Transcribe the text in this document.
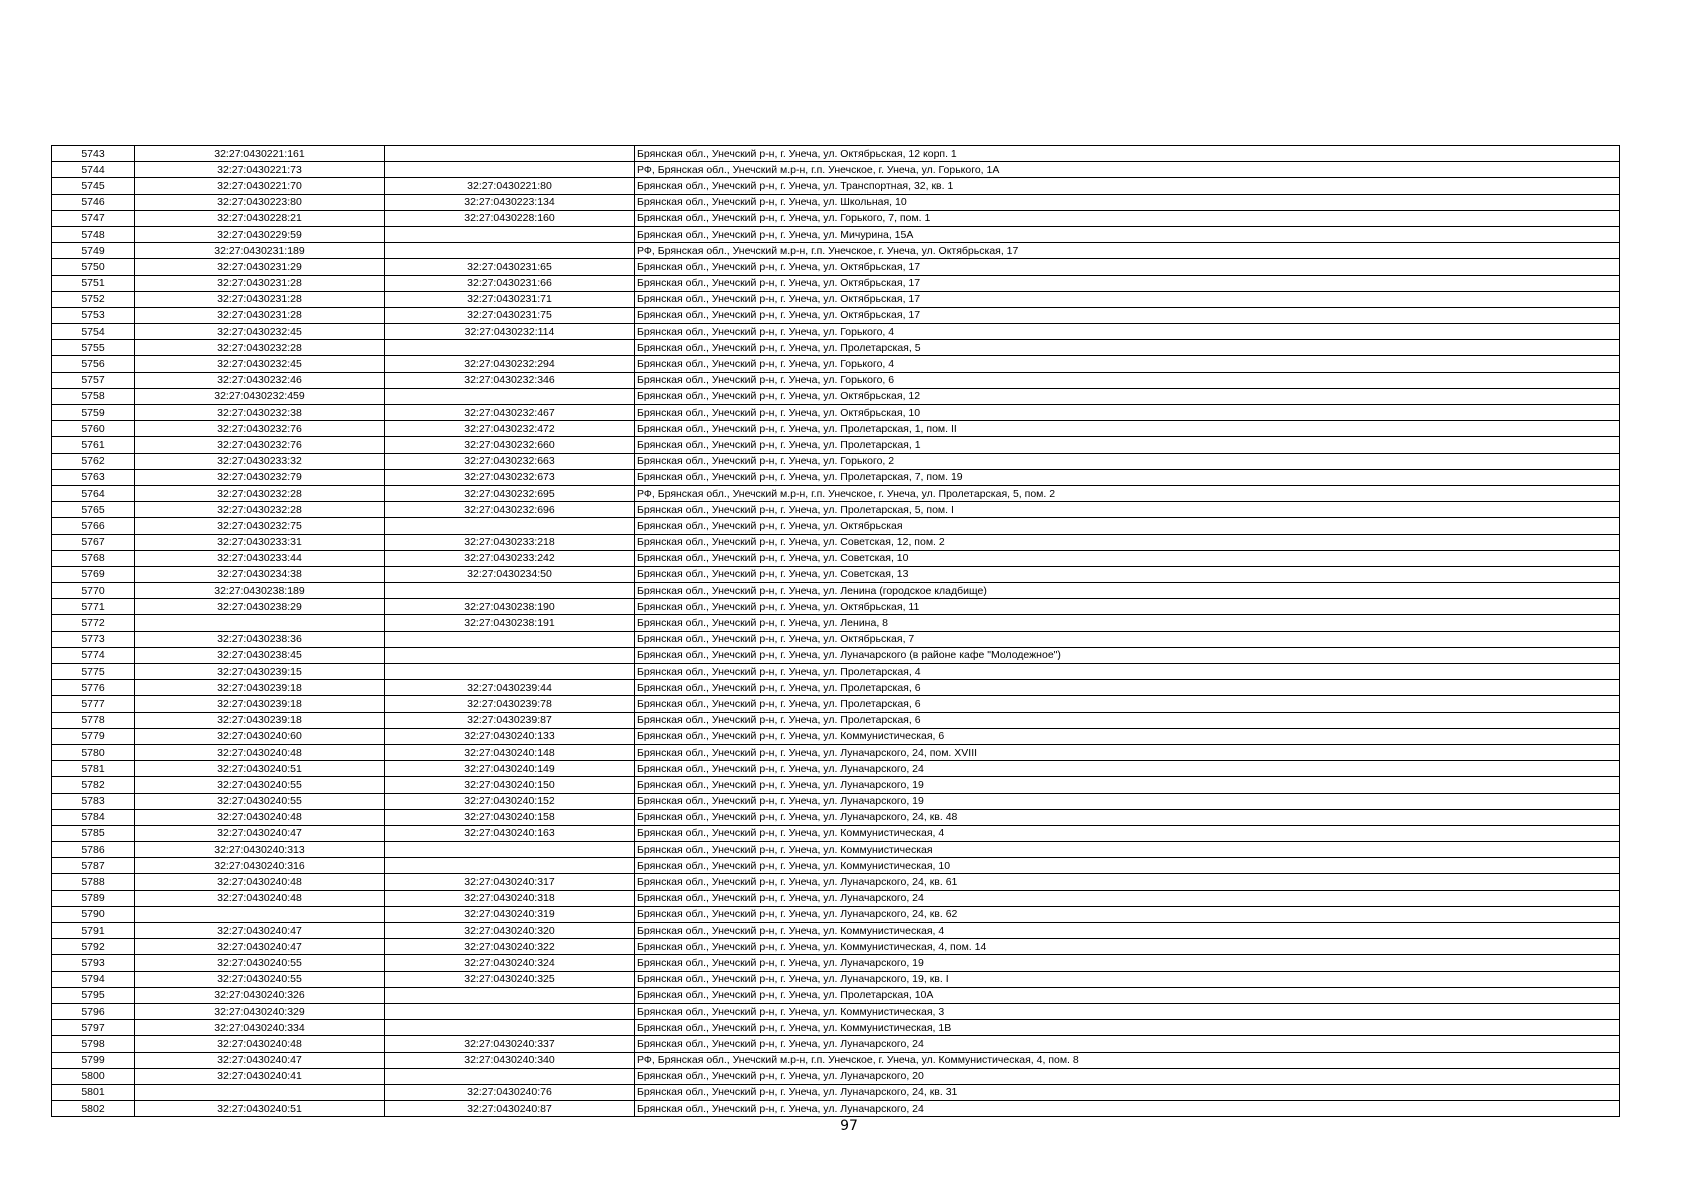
5743	32:27:0430221:161		Брянская обл., Унечский р-н, г. Унеча, ул. Октябрьская, 12 корп. 1
5744	32:27:0430221:73		РФ, Брянская обл., Унечский м.р-н, г.п. Унечское, г. Унеча, ул. Горького, 1А
5745	32:27:0430221:70	32:27:0430221:80	Брянская обл., Унечский р-н, г. Унеча, ул. Транспортная, 32, кв. 1
5746	32:27:0430223:80	32:27:0430223:134	Брянская обл., Унечский р-н, г. Унеча, ул. Школьная, 10
5747	32:27:0430228:21	32:27:0430228:160	Брянская обл., Унечский р-н, г. Унеча, ул. Горького, 7, пом. 1
5748	32:27:0430229:59		Брянская обл., Унечский р-н, г. Унеча, ул. Мичурина, 15А
5749	32:27:0430231:189		РФ, Брянская обл., Унечский м.р-н, г.п. Унечское, г. Унеча, ул. Октябрьская, 17
5750	32:27:0430231:29	32:27:0430231:65	Брянская обл., Унечский р-н, г. Унеча, ул. Октябрьская, 17
5751	32:27:0430231:28	32:27:0430231:66	Брянская обл., Унечский р-н, г. Унеча, ул. Октябрьская, 17
5752	32:27:0430231:28	32:27:0430231:71	Брянская обл., Унечский р-н, г. Унеча, ул. Октябрьская, 17
5753	32:27:0430231:28	32:27:0430231:75	Брянская обл., Унечский р-н, г. Унеча, ул. Октябрьская, 17
5754	32:27:0430232:45	32:27:0430232:114	Брянская обл., Унечский р-н, г. Унеча, ул. Горького, 4
5755	32:27:0430232:28		Брянская обл., Унечский р-н, г. Унеча, ул. Пролетарская, 5
5756	32:27:0430232:45	32:27:0430232:294	Брянская обл., Унечский р-н, г. Унеча, ул. Горького, 4
5757	32:27:0430232:46	32:27:0430232:346	Брянская обл., Унечский р-н, г. Унеча, ул. Горького, 6
5758	32:27:0430232:459		Брянская обл., Унечский р-н, г. Унеча, ул. Октябрьская, 12
5759	32:27:0430232:38	32:27:0430232:467	Брянская обл., Унечский р-н, г. Унеча, ул. Октябрьская, 10
5760	32:27:0430232:76	32:27:0430232:472	Брянская обл., Унечский р-н, г. Унеча, ул. Пролетарская, 1, пом. II
5761	32:27:0430232:76	32:27:0430232:660	Брянская обл., Унечский р-н, г. Унеча, ул. Пролетарская, 1
5762	32:27:0430233:32	32:27:0430232:663	Брянская обл., Унечский р-н, г. Унеча, ул. Горького, 2
5763	32:27:0430232:79	32:27:0430232:673	Брянская обл., Унечский р-н, г. Унеча, ул. Пролетарская, 7, пом. 19
5764	32:27:0430232:28	32:27:0430232:695	РФ, Брянская обл., Унечский м.р-н, г.п. Унечское, г. Унеча, ул. Пролетарская, 5, пом. 2
5765	32:27:0430232:28	32:27:0430232:696	Брянская обл., Унечский р-н, г. Унеча, ул. Пролетарская, 5, пом. I
5766	32:27:0430232:75		Брянская обл., Унечский р-н, г. Унеча, ул. Октябрьская
5767	32:27:0430233:31	32:27:0430233:218	Брянская обл., Унечский р-н, г. Унеча, ул. Советская, 12, пом. 2
5768	32:27:0430233:44	32:27:0430233:242	Брянская обл., Унечский р-н, г. Унеча, ул. Советская, 10
5769	32:27:0430234:38	32:27:0430234:50	Брянская обл., Унечский р-н, г. Унеча, ул. Советская, 13
5770	32:27:0430238:189		Брянская обл., Унечский р-н, г. Унеча, ул. Ленина (городское кладбище)
5771	32:27:0430238:29	32:27:0430238:190	Брянская обл., Унечский р-н, г. Унеча, ул. Октябрьская, 11
5772		32:27:0430238:191	Брянская обл., Унечский р-н, г. Унеча, ул. Ленина, 8
5773	32:27:0430238:36		Брянская обл., Унечский р-н, г. Унеча, ул. Октябрьская, 7
5774	32:27:0430238:45		Брянская обл., Унечский р-н, г. Унеча, ул. Луначарского (в районе кафе "Молодежное")
5775	32:27:0430239:15		Брянская обл., Унечский р-н, г. Унеча, ул. Пролетарская, 4
5776	32:27:0430239:18	32:27:0430239:44	Брянская обл., Унечский р-н, г. Унеча, ул. Пролетарская, 6
5777	32:27:0430239:18	32:27:0430239:78	Брянская обл., Унечский р-н, г. Унеча, ул. Пролетарская, 6
5778	32:27:0430239:18	32:27:0430239:87	Брянская обл., Унечский р-н, г. Унеча, ул. Пролетарская, 6
5779	32:27:0430240:60	32:27:0430240:133	Брянская обл., Унечский р-н, г. Унеча, ул. Коммунистическая, 6
5780	32:27:0430240:48	32:27:0430240:148	Брянская обл., Унечский р-н, г. Унеча, ул. Луначарского, 24, пом. XVIII
5781	32:27:0430240:51	32:27:0430240:149	Брянская обл., Унечский р-н, г. Унеча, ул. Луначарского, 24
5782	32:27:0430240:55	32:27:0430240:150	Брянская обл., Унечский р-н, г. Унеча, ул. Луначарского, 19
5783	32:27:0430240:55	32:27:0430240:152	Брянская обл., Унечский р-н, г. Унеча, ул. Луначарского, 19
5784	32:27:0430240:48	32:27:0430240:158	Брянская обл., Унечский р-н, г. Унеча, ул. Луначарского, 24, кв. 48
5785	32:27:0430240:47	32:27:0430240:163	Брянская обл., Унечский р-н, г. Унеча, ул. Коммунистическая, 4
5786	32:27:0430240:313		Брянская обл., Унечский р-н, г. Унеча, ул. Коммунистическая
5787	32:27:0430240:316		Брянская обл., Унечский р-н, г. Унеча, ул. Коммунистическая, 10
5788	32:27:0430240:48	32:27:0430240:317	Брянская обл., Унечский р-н, г. Унеча, ул. Луначарского, 24, кв. 61
5789	32:27:0430240:48	32:27:0430240:318	Брянская обл., Унечский р-н, г. Унеча, ул. Луначарского, 24
5790		32:27:0430240:319	Брянская обл., Унечский р-н, г. Унеча, ул. Луначарского, 24, кв. 62
5791	32:27:0430240:47	32:27:0430240:320	Брянская обл., Унечский р-н, г. Унеча, ул. Коммунистическая, 4
5792	32:27:0430240:47	32:27:0430240:322	Брянская обл., Унечский р-н, г. Унеча, ул. Коммунистическая, 4, пом. 14
5793	32:27:0430240:55	32:27:0430240:324	Брянская обл., Унечский р-н, г. Унеча, ул. Луначарского, 19
5794	32:27:0430240:55	32:27:0430240:325	Брянская обл., Унечский р-н, г. Унеча, ул. Луначарского, 19, кв. I
5795	32:27:0430240:326		Брянская обл., Унечский р-н, г. Унеча, ул. Пролетарская, 10А
5796	32:27:0430240:329		Брянская обл., Унечский р-н, г. Унеча, ул. Коммунистическая, 3
5797	32:27:0430240:334		Брянская обл., Унечский р-н, г. Унеча, ул. Коммунистическая, 1В
5798	32:27:0430240:48	32:27:0430240:337	Брянская обл., Унечский р-н, г. Унеча, ул. Луначарского, 24
5799	32:27:0430240:47	32:27:0430240:340	РФ, Брянская обл., Унечский м.р-н, г.п. Унечское, г. Унеча, ул. Коммунистическая, 4, пом. 8
5800	32:27:0430240:41		Брянская обл., Унечский р-н, г. Унеча, ул. Луначарского, 20
5801		32:27:0430240:76	Брянская обл., Унечский р-н, г. Унеча, ул. Луначарского, 24, кв. 31
5802	32:27:0430240:51	32:27:0430240:87	Брянская обл., Унечский р-н, г. Унеча, ул. Луначарского, 24
97
